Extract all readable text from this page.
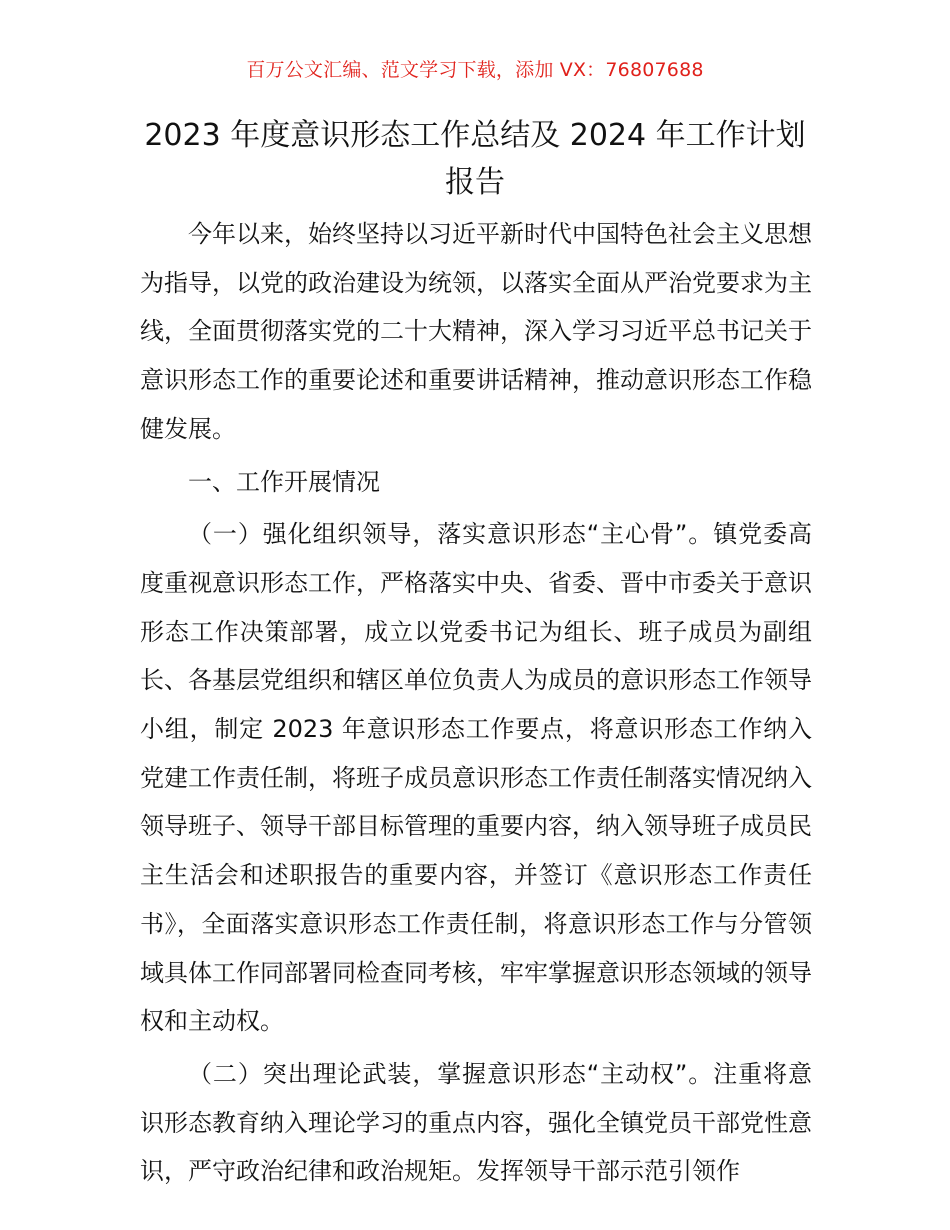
百万公文汇编、范文学习下载，添加 VX：76807688
2023 年度意识形态工作总结及 2024 年工作计划报告

今年以来，始终坚持以习近平新时代中国特色社会主义思想为指导，以党的政治建设为统领，以落实全面从严治党要求为主线，全面贯彻落实党的二十大精神，深入学习习近平总书记关于意识形态工作的重要论述和重要讲话精神，推动意识形态工作稳健发展。

一、工作开展情况

（一）强化组织领导，落实意识形态“主心骨”。镇党委高度重视意识形态工作，严格落实中央、省委、晋中市委关于意识形态工作决策部署，成立以党委书记为组长、班子成员为副组长、各基层党组织和辖区单位负责人为成员的意识形态工作领导小组，制定 2023 年意识形态工作要点，将意识形态工作纳入党建工作责任制，将班子成员意识形态工作责任制落实情况纳入领导班子、领导干部目标管理的重要内容，纳入领导班子成员民主生活会和述职报告的重要内容，并签订《意识形态工作责任书》，全面落实意识形态工作责任制，将意识形态工作与分管领域具体工作同部署同检查同考核，牢牢掌握意识形态领域的领导权和主动权。

（二）突出理论武装，掌握意识形态“主动权”。注重将意识形态教育纳入理论学习的重点内容，强化全镇党员干部党性意识，严守政治纪律和政治规矩。发挥领导干部示范引领作
